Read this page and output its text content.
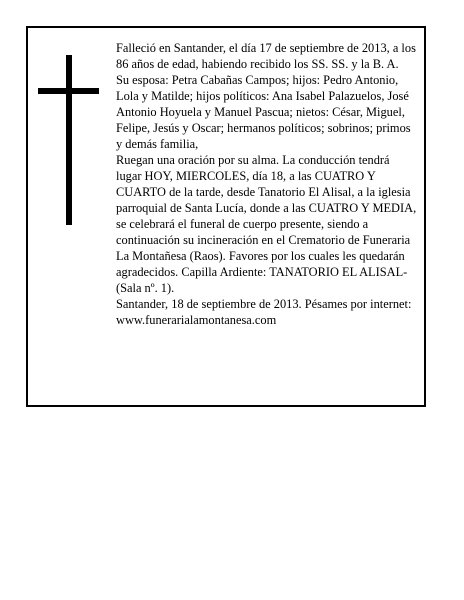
Falleció en Santander, el día 17 de septiembre de 2013, a los 86 años de edad, habiendo recibido los SS. SS. y la B. A.

Su esposa: Petra Cabañas Campos; hijos: Pedro Antonio, Lola y Matilde; hijos políticos: Ana Isabel Palazuelos, José Antonio Hoyuela y Manuel Pascua; nietos: César, Miguel, Felipe, Jesús y Oscar; hermanos políticos; sobrinos; primos y demás familia,

Ruegan una oración por su alma. La conducción tendrá lugar HOY, MIERCOLES, día 18, a las CUATRO Y CUARTO de la tarde, desde Tanatorio El Alisal, a la iglesia parroquial de Santa Lucía, donde a las CUATRO Y MEDIA, se celebrará el funeral de cuerpo presente, siendo a continuación su incineración en el Crematorio de Funeraria La Montañesa (Raos). Favores por los cuales les quedarán agradecidos. Capilla Ardiente: TANATORIO EL ALISAL-(Sala nº. 1).

Santander, 18 de septiembre de 2013. Pésames por internet: www.funerarialamontanesa.com
